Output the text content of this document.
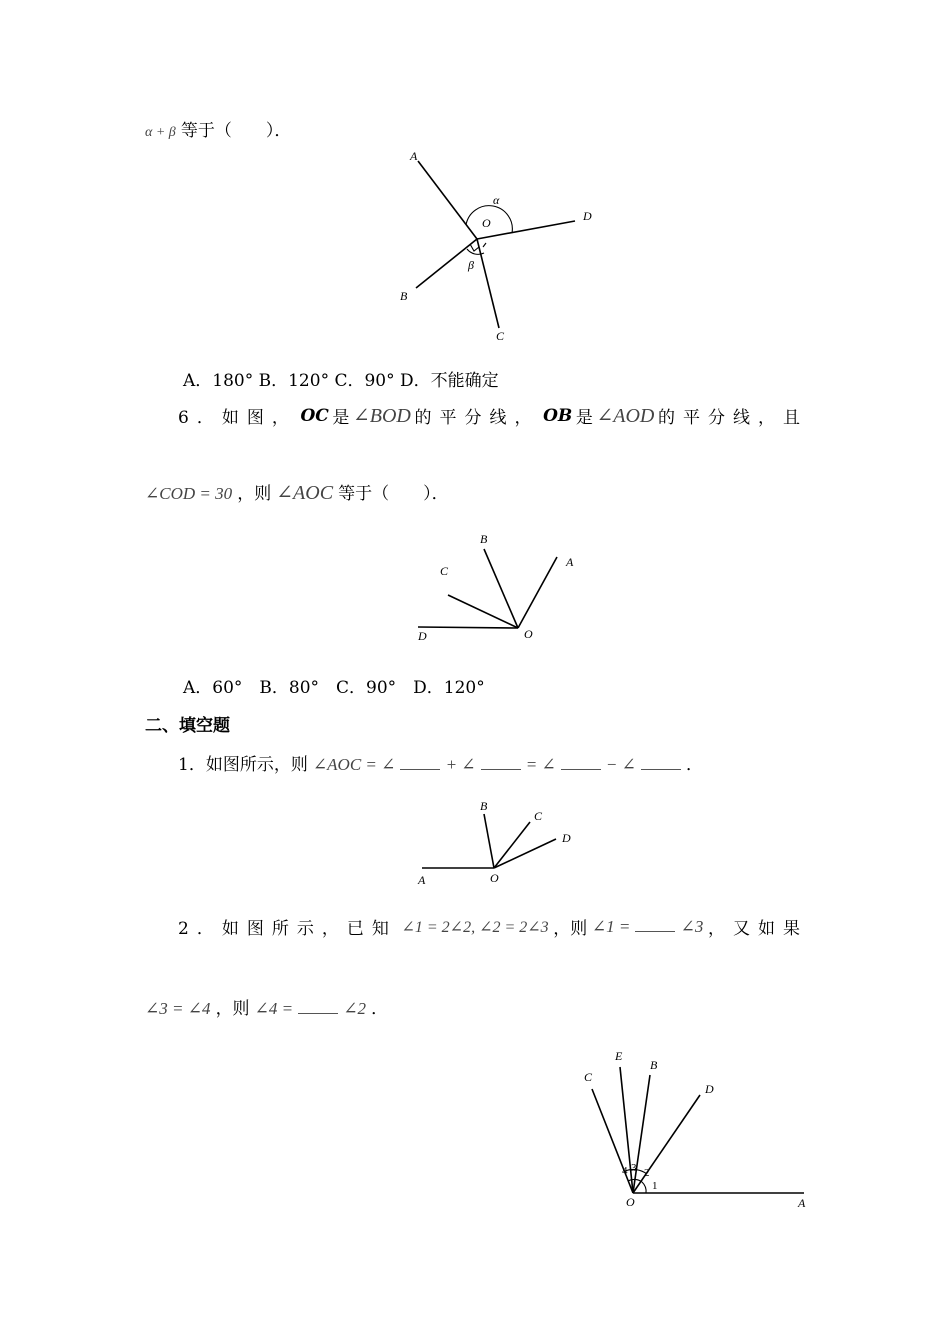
α + β 等于（　　）．
A
O
α
D
β
B
C
A．180° B．120° C．90° D．不能确定
6．如图， OC 是 ∠BOD 的平分线， OB 是 ∠AOD 的平分线，且
∠COD = 30 ，则 ∠AOC 等于（　　）．
B
A
C
D	O
A．60°　B．80°　C．90°　D．120°
二、填空题
1．如图所示，则 ∠AOC = ∠	+ ∠	= ∠	− ∠	．
B
C
D
A	O
2．如图所示，已知 ∠1 = 2∠2, ∠2 = 2∠3 ，则 ∠1 =	∠3 ，又如果
∠3 = ∠4 ，则 ∠4 =	∠2 ．
C
E
B
D
4 3 2
1
O	A
